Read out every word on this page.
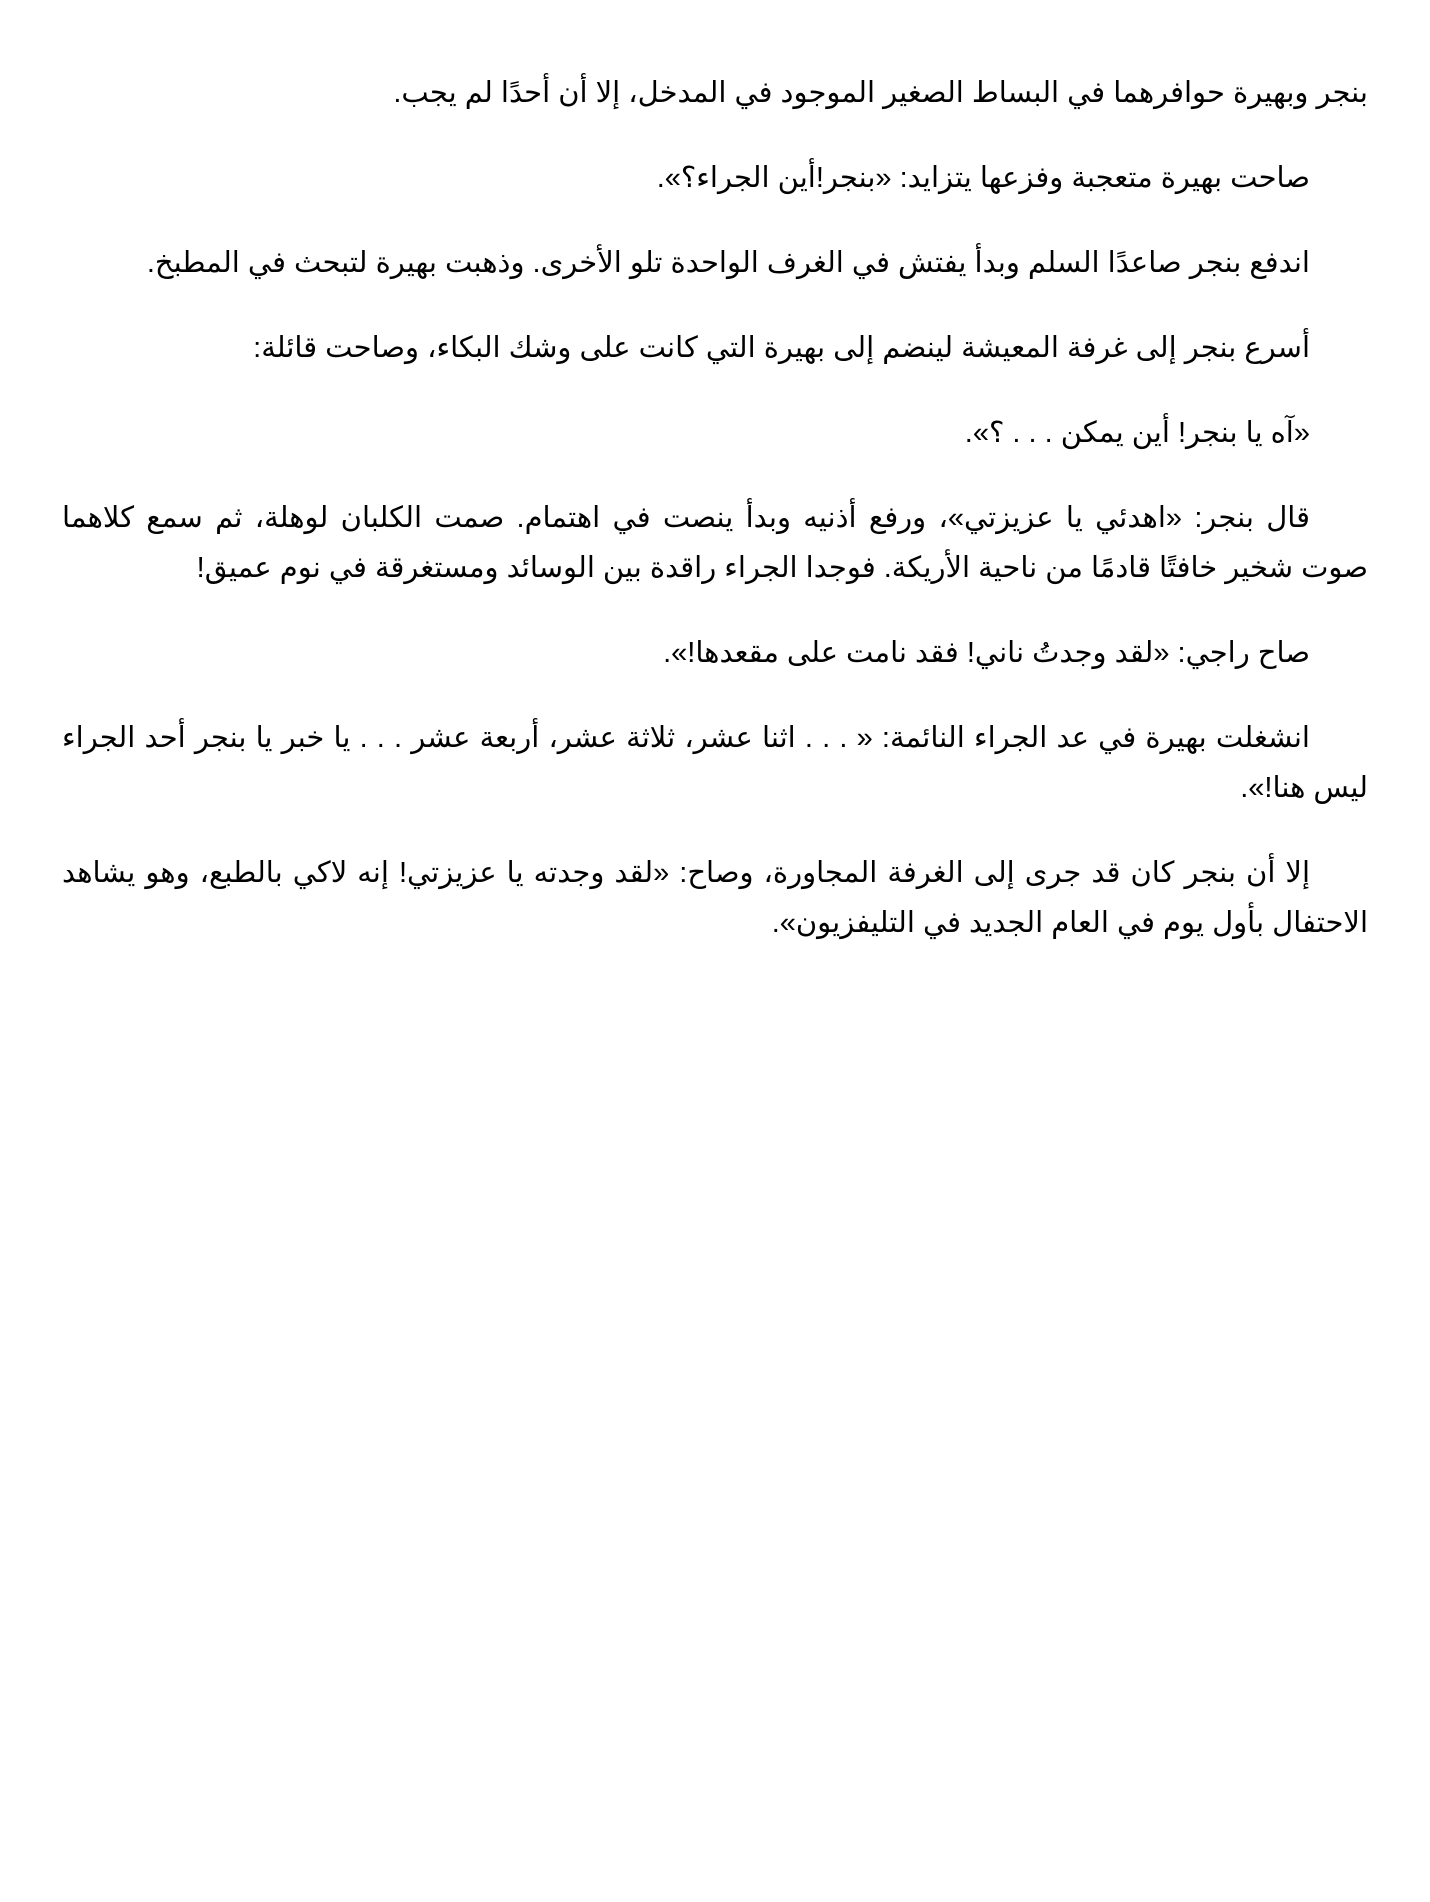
بنجر وبهيرة حوافرهما في البساط الصغير الموجود في المدخل، إلا أن أحدًا لم يجب.

صاحت بهيرة متعجبة وفزعها يتزايد: «بنجر!أين الجراء؟».

اندفع بنجر صاعدًا السلم وبدأ يفتش في الغرف الواحدة تلو الأخرى. وذهبت بهيرة لتبحث في المطبخ.

أسرع بنجر إلى غرفة المعيشة لينضم إلى بهيرة التي كانت على وشك البكاء، وصاحت قائلة:

«آه يا بنجر! أين يمكن . . . ؟».

قال بنجر: «اهدئي يا عزيزتي»، ورفع أذنيه وبدأ ينصت في اهتمام. صمت الكلبان لوهلة، ثم سمع كلاهما صوت شخير خافتًا قادمًا من ناحية الأريكة. فوجدا الجراء راقدة بين الوسائد ومستغرقة في نوم عميق!

صاح راجي: «لقد وجدتُ ناني! فقد نامت على مقعدها!».

انشغلت بهيرة في عد الجراء النائمة: « . . . اثنا عشر، ثلاثة عشر، أربعة عشر . . . يا خبر يا بنجر أحد الجراء ليس هنا!».

إلا أن بنجر كان قد جرى إلى الغرفة المجاورة، وصاح: «لقد وجدته يا عزيزتي! إنه لاكي بالطبع، وهو يشاهد الاحتفال بأول يوم في العام الجديد في التليفزيون».
